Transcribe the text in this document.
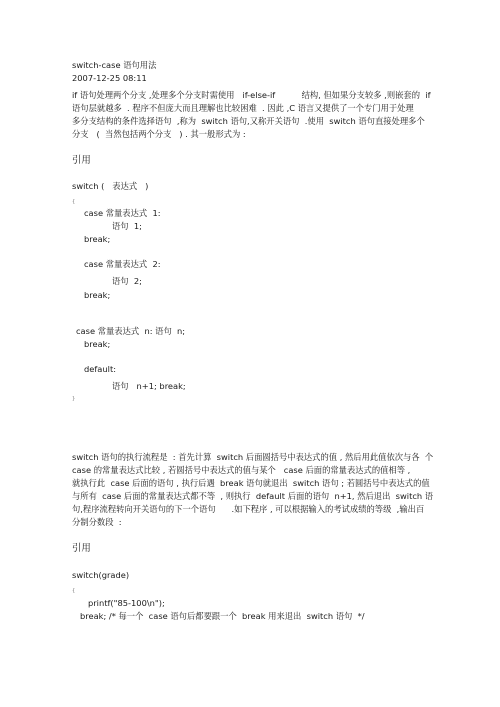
switch-case 语句用法
2007-12-25 08:11
if 语句处理两个分支 ,处理多个分支时需使用   if-else-if          结构, 但如果分支较多 ,则嵌套的  if
语句层就越多  . 程序不但庞大而且理解也比较困难  . 因此 ,C 语言又提供了一个专门用于处理
多分支结构的条件选择语句  ,称为  switch 语句,又称开关语句  .使用  switch 语句直接处理多个
分支   (  当然包括两个分支   ) . 其一般形式为 :
引用
switch (   表达式   )
{
case 常量表达式  1:
语句  1;
break;
case 常量表达式  2:
语句  2;
break;
case 常量表达式  n: 语句  n;
break;
default:
语句   n+1; break;
}
switch 语句的执行流程是  : 首先计算  switch 后面圆括号中表达式的值 , 然后用此值依次与各  个
case 的常量表达式比较 , 若圆括号中表达式的值与某个   case 后面的常量表达式的值相等 ,
就执行此  case 后面的语句 , 执行后遇  break 语句就退出  switch 语句 ; 若圆括号中表达式的值
与所有  case 后面的常量表达式都不等  , 则执行  default 后面的语句  n+1, 然后退出  switch 语
句,程序流程转向开关语句的下一个语句      .如下程序 , 可以根据输入的考试成绩的等级  ,输出百
分制分数段  :
引用
switch(grade)
{
printf("85-100\n");
break; /* 每一个  case 语句后都要跟一个  break 用来退出  switch 语句  */
